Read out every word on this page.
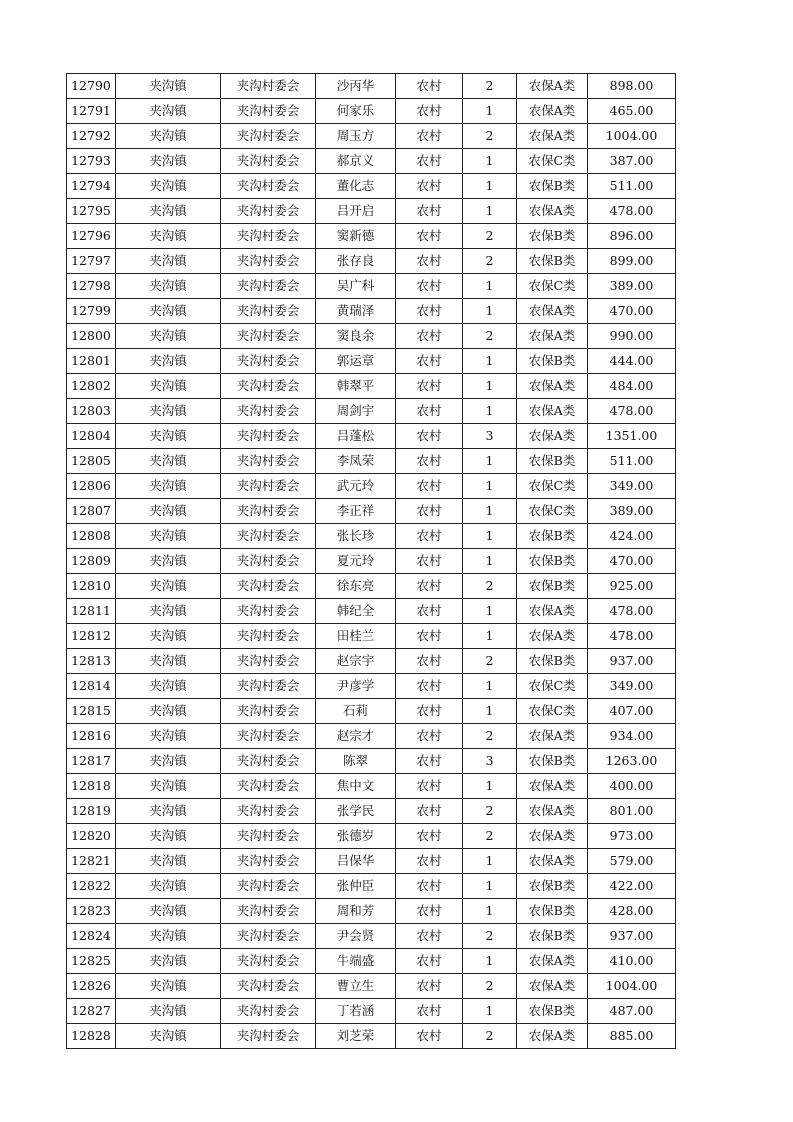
12790	夹沟镇	夹沟村委会	沙丙华	农村	2	农保A类	898.00
12791	夹沟镇	夹沟村委会	何家乐	农村	1	农保A类	465.00
12792	夹沟镇	夹沟村委会	周玉方	农村	2	农保A类	1004.00
12793	夹沟镇	夹沟村委会	郝京义	农村	1	农保C类	387.00
12794	夹沟镇	夹沟村委会	董化志	农村	1	农保B类	511.00
12795	夹沟镇	夹沟村委会	吕开启	农村	1	农保A类	478.00
12796	夹沟镇	夹沟村委会	窦新德	农村	2	农保B类	896.00
12797	夹沟镇	夹沟村委会	张存良	农村	2	农保B类	899.00
12798	夹沟镇	夹沟村委会	吴广科	农村	1	农保C类	389.00
12799	夹沟镇	夹沟村委会	黄瑞泽	农村	1	农保A类	470.00
12800	夹沟镇	夹沟村委会	窦良余	农村	2	农保A类	990.00
12801	夹沟镇	夹沟村委会	郭运章	农村	1	农保B类	444.00
12802	夹沟镇	夹沟村委会	韩翠平	农村	1	农保A类	484.00
12803	夹沟镇	夹沟村委会	周剑宇	农村	1	农保A类	478.00
12804	夹沟镇	夹沟村委会	吕蓬松	农村	3	农保A类	1351.00
12805	夹沟镇	夹沟村委会	李凤荣	农村	1	农保B类	511.00
12806	夹沟镇	夹沟村委会	武元玲	农村	1	农保C类	349.00
12807	夹沟镇	夹沟村委会	李正祥	农村	1	农保C类	389.00
12808	夹沟镇	夹沟村委会	张长珍	农村	1	农保B类	424.00
12809	夹沟镇	夹沟村委会	夏元玲	农村	1	农保B类	470.00
12810	夹沟镇	夹沟村委会	徐东亮	农村	2	农保B类	925.00
12811	夹沟镇	夹沟村委会	韩纪全	农村	1	农保A类	478.00
12812	夹沟镇	夹沟村委会	田桂兰	农村	1	农保A类	478.00
12813	夹沟镇	夹沟村委会	赵宗宇	农村	2	农保B类	937.00
12814	夹沟镇	夹沟村委会	尹彦学	农村	1	农保C类	349.00
12815	夹沟镇	夹沟村委会	石莉	农村	1	农保C类	407.00
12816	夹沟镇	夹沟村委会	赵宗才	农村	2	农保A类	934.00
12817	夹沟镇	夹沟村委会	陈翠	农村	3	农保B类	1263.00
12818	夹沟镇	夹沟村委会	焦中文	农村	1	农保A类	400.00
12819	夹沟镇	夹沟村委会	张学民	农村	2	农保A类	801.00
12820	夹沟镇	夹沟村委会	张德岁	农村	2	农保A类	973.00
12821	夹沟镇	夹沟村委会	吕保华	农村	1	农保A类	579.00
12822	夹沟镇	夹沟村委会	张仲臣	农村	1	农保B类	422.00
12823	夹沟镇	夹沟村委会	周和芳	农村	1	农保B类	428.00
12824	夹沟镇	夹沟村委会	尹会贤	农村	2	农保B类	937.00
12825	夹沟镇	夹沟村委会	牛端盛	农村	1	农保A类	410.00
12826	夹沟镇	夹沟村委会	曹立生	农村	2	农保A类	1004.00
12827	夹沟镇	夹沟村委会	丁若涵	农村	1	农保B类	487.00
12828	夹沟镇	夹沟村委会	刘芝荣	农村	2	农保A类	885.00
